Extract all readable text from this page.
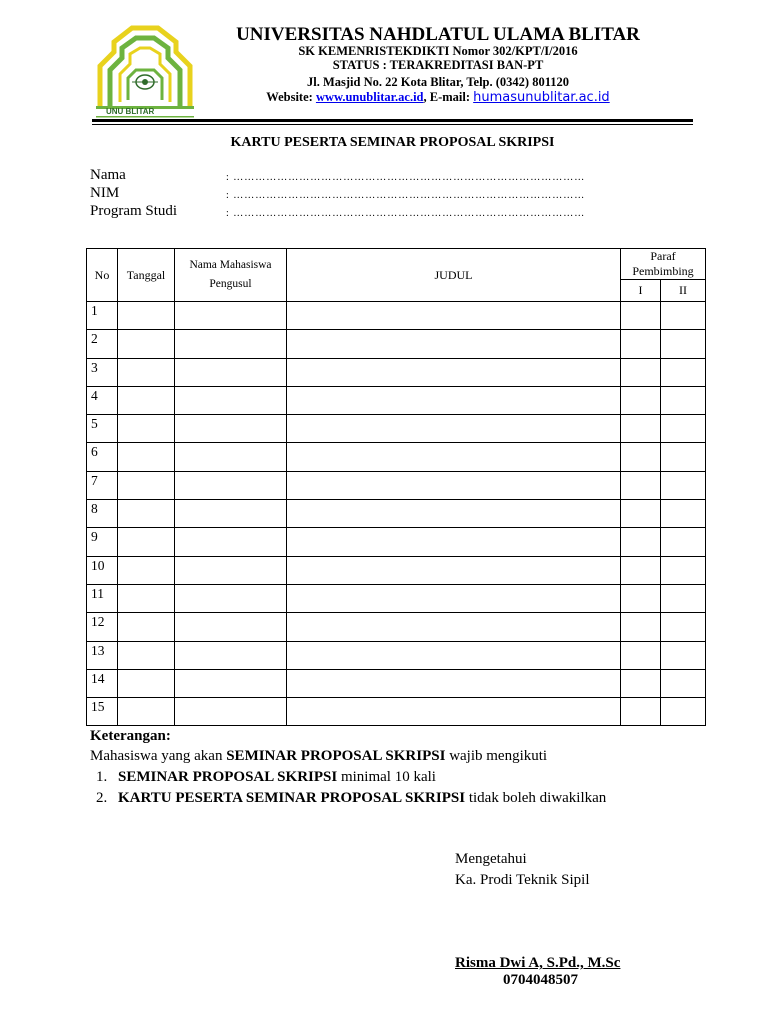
UNU BLITAR
UNIVERSITAS NAHDLATUL ULAMA BLITAR
SK KEMENRISTEKDIKTI Nomor 302/KPT/I/2016
STATUS : TERAKREDITASI BAN-PT
Jl. Masjid No. 22 Kota Blitar, Telp. (0342) 801120
Website: www.unublitar.ac.id, E-mail: humasunublitar.ac.id
KARTU PESERTA SEMINAR PROPOSAL SKRIPSI
Nama	: ……………………………………………………………………………………
NIM	: ……………………………………………………………………………………
Program Studi	: ……………………………………………………………………………………
No	Tanggal	Nama Mahasiswa Pengusul	JUDUL	Paraf Pembimbing	
				I	II
1					
2					
3					
4					
5					
6					
7					
8					
9					
10					
11					
12					
13					
14					
15					
Keterangan:
Mahasiswa yang akan SEMINAR PROPOSAL SKRIPSI wajib mengikuti
1. SEMINAR PROPOSAL SKRIPSI minimal 10 kali
2. KARTU PESERTA SEMINAR PROPOSAL SKRIPSI tidak boleh diwakilkan
Mengetahui
Ka. Prodi Teknik Sipil
Risma Dwi A, S.Pd., M.Sc
0704048507
